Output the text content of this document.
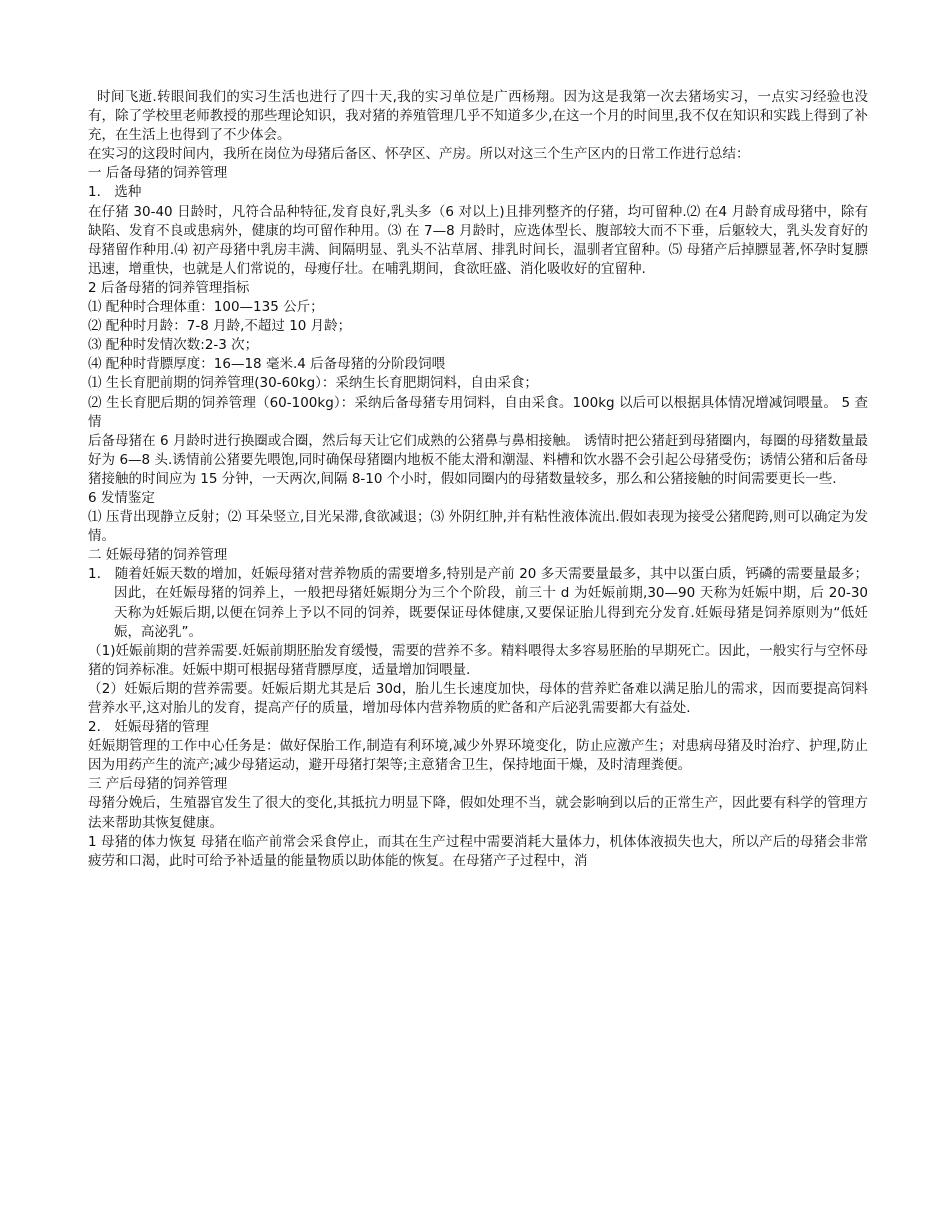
时间飞逝.转眼间我们的实习生活也进行了四十天,我的实习单位是广西杨翔。因为这是我第一次去猪场实习，一点实习经验也没有，除了学校里老师教授的那些理论知识，我对猪的养殖管理几乎不知道多少,在这一个月的时间里,我不仅在知识和实践上得到了补充，在生活上也得到了不少体会。

在实习的这段时间内，我所在岗位为母猪后备区、怀孕区、产房。所以对这三个生产区内的日常工作进行总结：

一 后备母猪的饲养管理

1． 选种

在仔猪 30-40 日龄时，凡符合品种特征,发育良好,乳头多（6 对以上)且排列整齐的仔猪，均可留种.⑵ 在4 月龄育成母猪中，除有缺陷、发育不良或患病外，健康的均可留作种用。⑶ 在 7—8 月龄时，应选体型长、腹部较大而不下垂，后躯较大，乳头发育好的母猪留作种用.⑷ 初产母猪中乳房丰满、间隔明显、乳头不沾草屑、排乳时间长，温驯者宜留种。⑸ 母猪产后掉膘显著,怀孕时复膘迅速，增重快，也就是人们常说的，母瘦仔壮。在哺乳期间，食欲旺盛、消化吸收好的宜留种.

2 后备母猪的饲养管理指标

⑴ 配种时合理体重：100—135 公斤；

⑵ 配种时月龄：7-8 月龄,不超过 10 月龄；

⑶ 配种时发情次数:2-3 次；

⑷ 配种时背膘厚度：16—18 毫米.4 后备母猪的分阶段饲喂

⑴ 生长育肥前期的饲养管理(30-60kg）：采纳生长育肥期饲料，自由采食；

⑵ 生长育肥后期的饲养管理（60-100kg）：采纳后备母猪专用饲料，自由采食。100kg 以后可以根据具体情况增减饲喂量。 5 查情

后备母猪在 6 月龄时进行换圈或合圈，然后每天让它们成熟的公猪鼻与鼻相接触。 诱情时把公猪赶到母猪圈内，每圈的母猪数量最好为 6—8 头.诱情前公猪要先喂饱,同时确保母猪圈内地板不能太滑和潮湿、料槽和饮水器不会引起公母猪受伤；诱情公猪和后备母猪接触的时间应为 15 分钟，一天两次,间隔 8-10 个小时，假如同圈内的母猪数量较多，那么和公猪接触的时间需要更长一些.

6 发情鉴定

⑴ 压背出现静立反射；⑵ 耳朵竖立,目光呆滞,食欲减退；⑶ 外阴红肿,并有粘性液体流出.假如表现为接受公猪爬跨,则可以确定为发情。

二 妊娠母猪的饲养管理

1． 随着妊娠天数的增加，妊娠母猪对营养物质的需要增多,特别是产前 20 多天需要量最多，其中以蛋白质，钙磷的需要量最多；因此，在妊娠母猪的饲养上，一般把母猪妊娠期分为三个个阶段，前三十 d 为妊娠前期,30—90 天称为妊娠中期，后 20-30 天称为妊娠后期,以便在饲养上予以不同的饲养，既要保证母体健康,又要保证胎儿得到充分发育.妊娠母猪是饲养原则为“低妊娠，高泌乳”。

（1)妊娠前期的营养需要.妊娠前期胚胎发育缓慢，需要的营养不多。精料喂得太多容易胚胎的早期死亡。因此，一般实行与空怀母猪的饲养标准。妊娠中期可根据母猪背膘厚度，适量增加饲喂量.

（2）妊娠后期的营养需要。妊娠后期尤其是后 30d，胎儿生长速度加快，母体的营养贮备难以满足胎儿的需求，因而要提高饲料营养水平,这对胎儿的发育，提高产仔的质量，增加母体内营养物质的贮备和产后泌乳需要都大有益处.

2． 妊娠母猪的管理

妊娠期管理的工作中心任务是：做好保胎工作,制造有利环境,减少外界环境变化，防止应激产生；对患病母猪及时治疗、护理,防止因为用药产生的流产;减少母猪运动，避开母猪打架等;主意猪舍卫生，保持地面干燥，及时清理粪便。

三 产后母猪的饲养管理

母猪分娩后，生殖器官发生了很大的变化,其抵抗力明显下降，假如处理不当，就会影响到以后的正常生产，因此要有科学的管理方法来帮助其恢复健康。

1 母猪的体力恢复 母猪在临产前常会采食停止，而其在生产过程中需要消耗大量体力，机体体液损失也大，所以产后的母猪会非常疲劳和口渴，此时可给予补适量的能量物质以助体能的恢复。在母猪产子过程中，消
